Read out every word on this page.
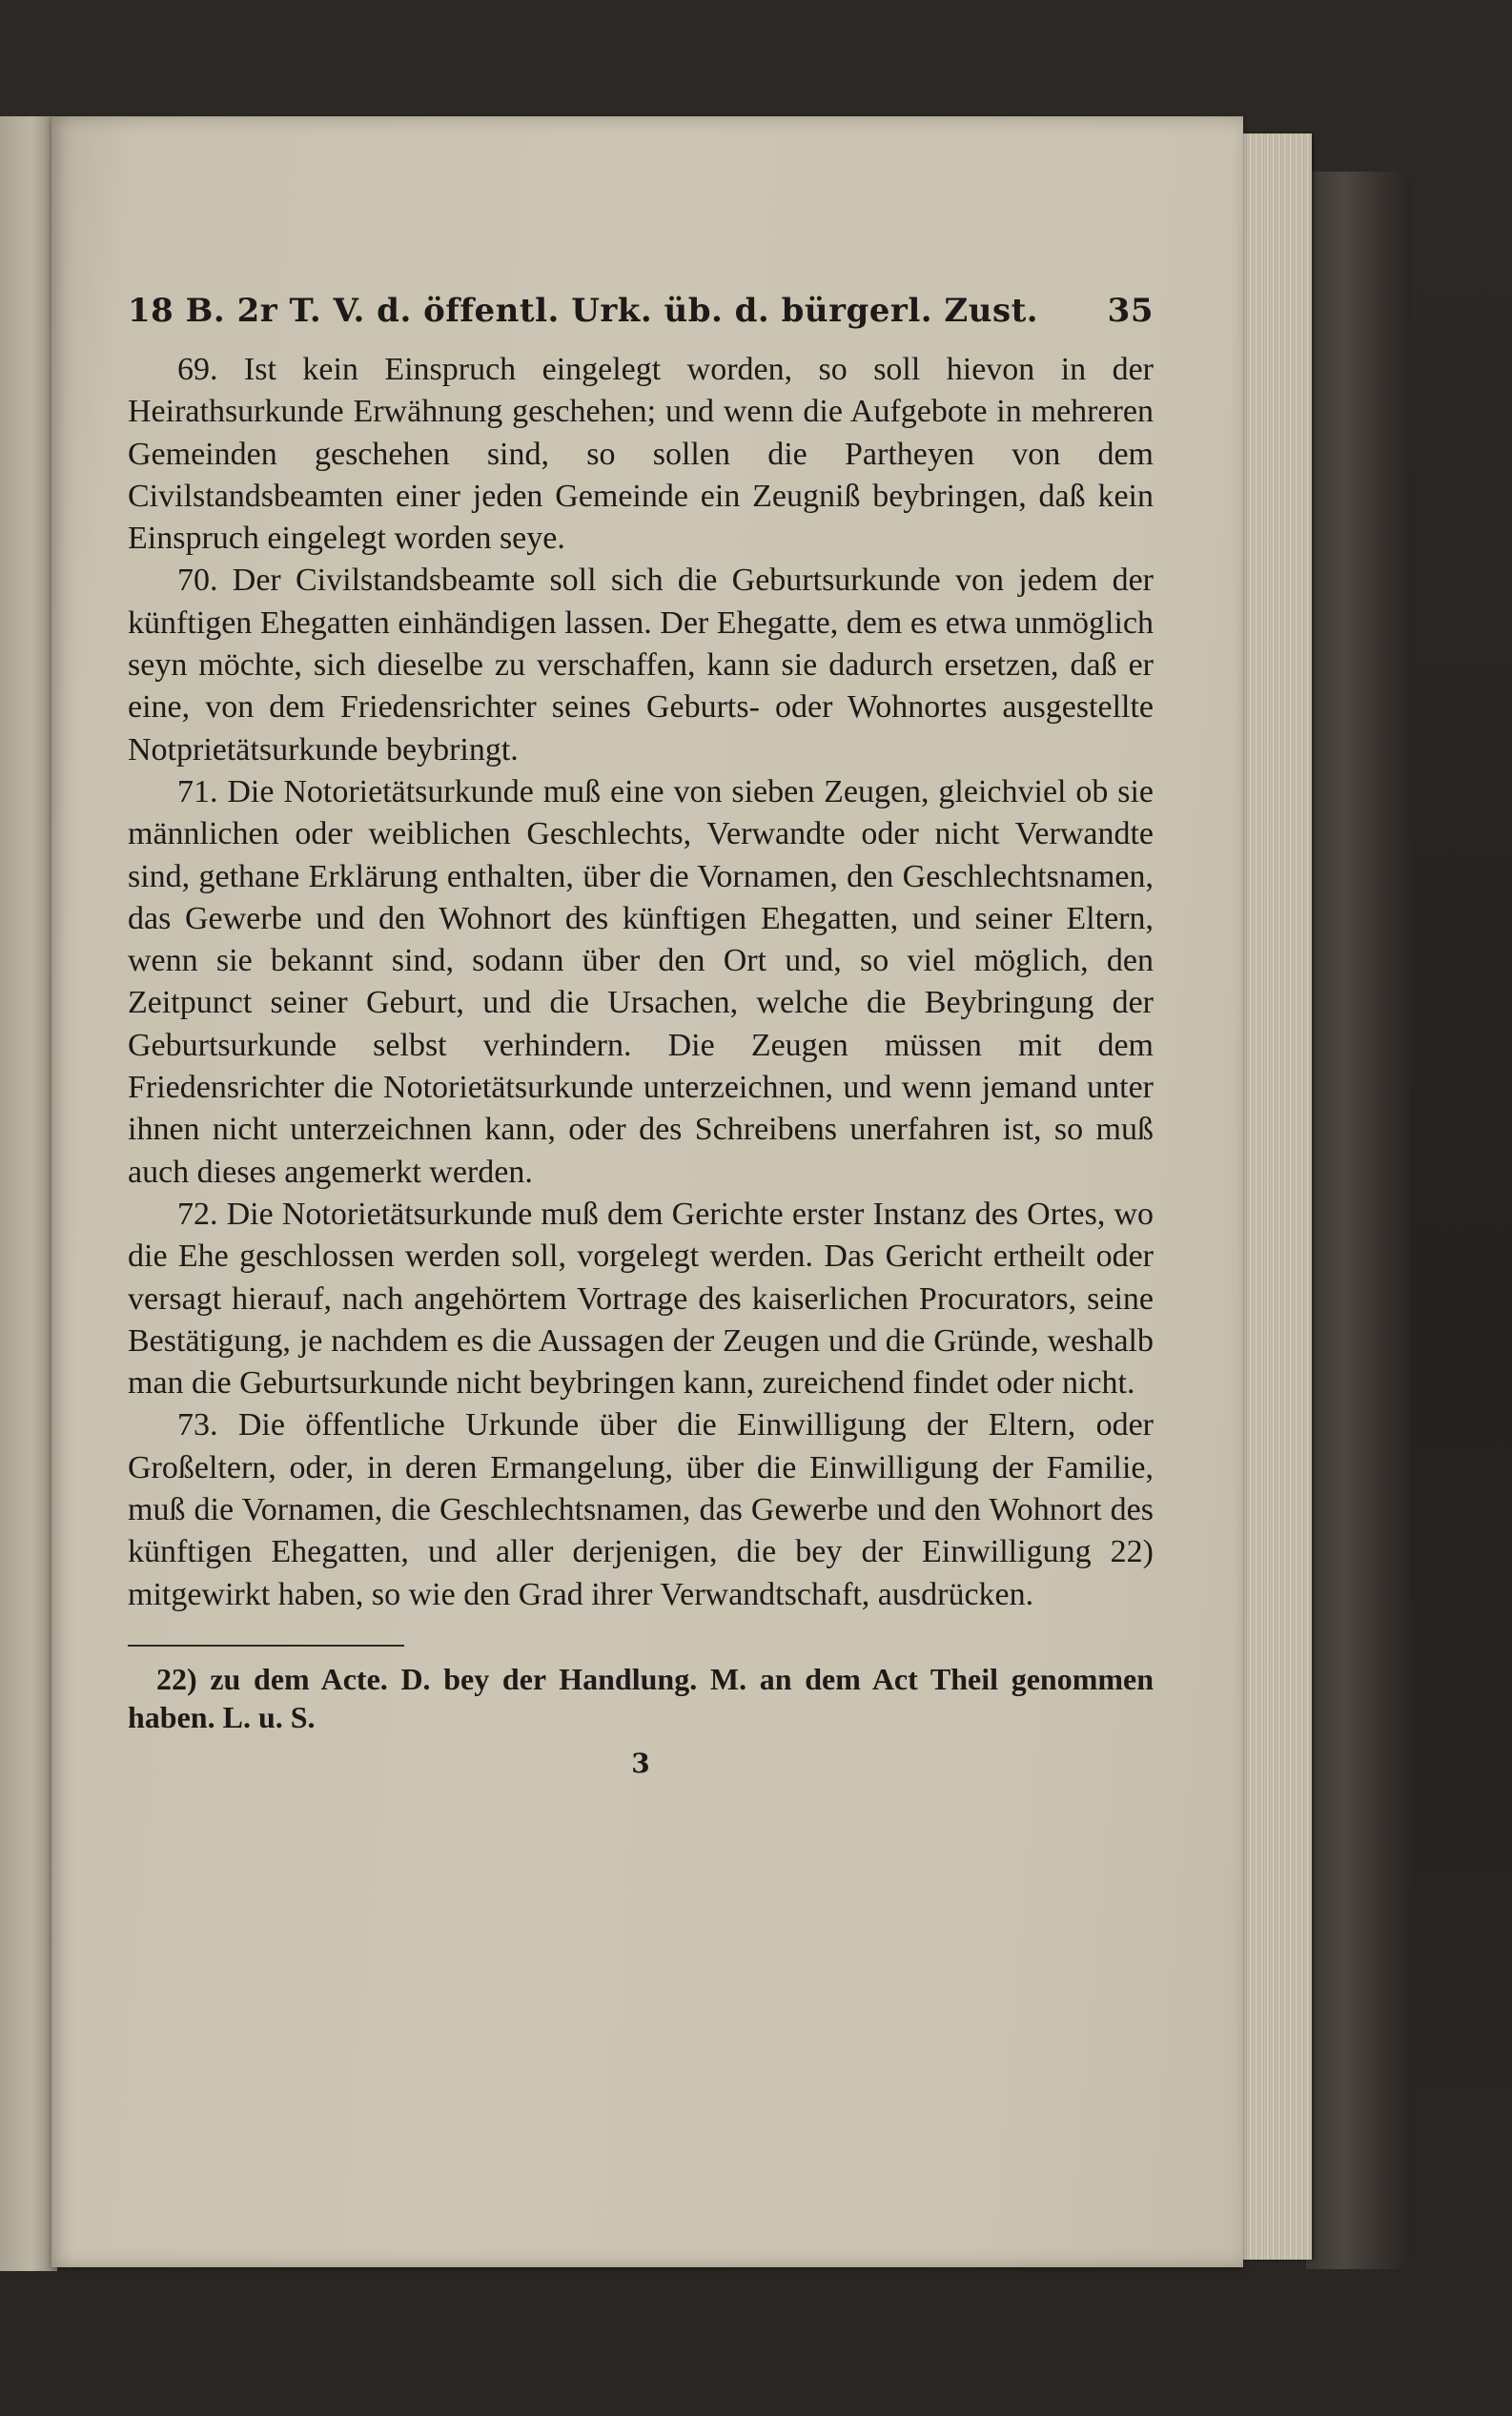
18 B. 2r T. V. d. öffentl. Urk. üb. d. bürgerl. Zust. 35

69. Ist kein Einspruch eingelegt worden, so soll hievon in der Heirathsurkunde Erwähnung geschehen; und wenn die Aufgebote in mehreren Gemeinden geschehen sind, so sollen die Partheyen von dem Civilstandsbeamten einer jeden Gemeinde ein Zeugniß beybringen, daß kein Einspruch eingelegt worden seye.

70. Der Civilstandsbeamte soll sich die Geburtsurkunde von jedem der künftigen Ehegatten einhändigen lassen. Der Ehegatte, dem es etwa unmöglich seyn möchte, sich dieselbe zu verschaffen, kann sie dadurch ersetzen, daß er eine, von dem Friedensrichter seines Geburts- oder Wohnortes ausgestellte Notprietätsurkunde beybringt.

71. Die Notorietätsurkunde muß eine von sieben Zeugen, gleichviel ob sie männlichen oder weiblichen Geschlechts, Verwandte oder nicht Verwandte sind, gethane Erklärung enthalten, über die Vornamen, den Geschlechtsnamen, das Gewerbe und den Wohnort des künftigen Ehegatten, und seiner Eltern, wenn sie bekannt sind, sodann über den Ort und, so viel möglich, den Zeitpunct seiner Geburt, und die Ursachen, welche die Beybringung der Geburtsurkunde selbst verhindern. Die Zeugen müssen mit dem Friedensrichter die Notorietätsurkunde unterzeichnen, und wenn jemand unter ihnen nicht unterzeichnen kann, oder des Schreibens unerfahren ist, so muß auch dieses angemerkt werden.

72. Die Notorietätsurkunde muß dem Gerichte erster Instanz des Ortes, wo die Ehe geschlossen werden soll, vorgelegt werden. Das Gericht ertheilt oder versagt hierauf, nach angehörtem Vortrage des kaiserlichen Procurators, seine Bestätigung, je nachdem es die Aussagen der Zeugen und die Gründe, weshalb man die Geburtsurkunde nicht beybringen kann, zureichend findet oder nicht.

73. Die öffentliche Urkunde über die Einwilligung der Eltern, oder Großeltern, oder, in deren Ermangelung, über die Einwilligung der Familie, muß die Vornamen, die Geschlechtsnamen, das Gewerbe und den Wohnort des künftigen Ehegatten, und aller derjenigen, die bey der Einwilligung 22) mitgewirkt haben, so wie den Grad ihrer Verwandtschaft, ausdrücken.

22) zu dem Acte. D. bey der Handlung. M. an dem Act Theil genommen haben. L. u. S.
3
